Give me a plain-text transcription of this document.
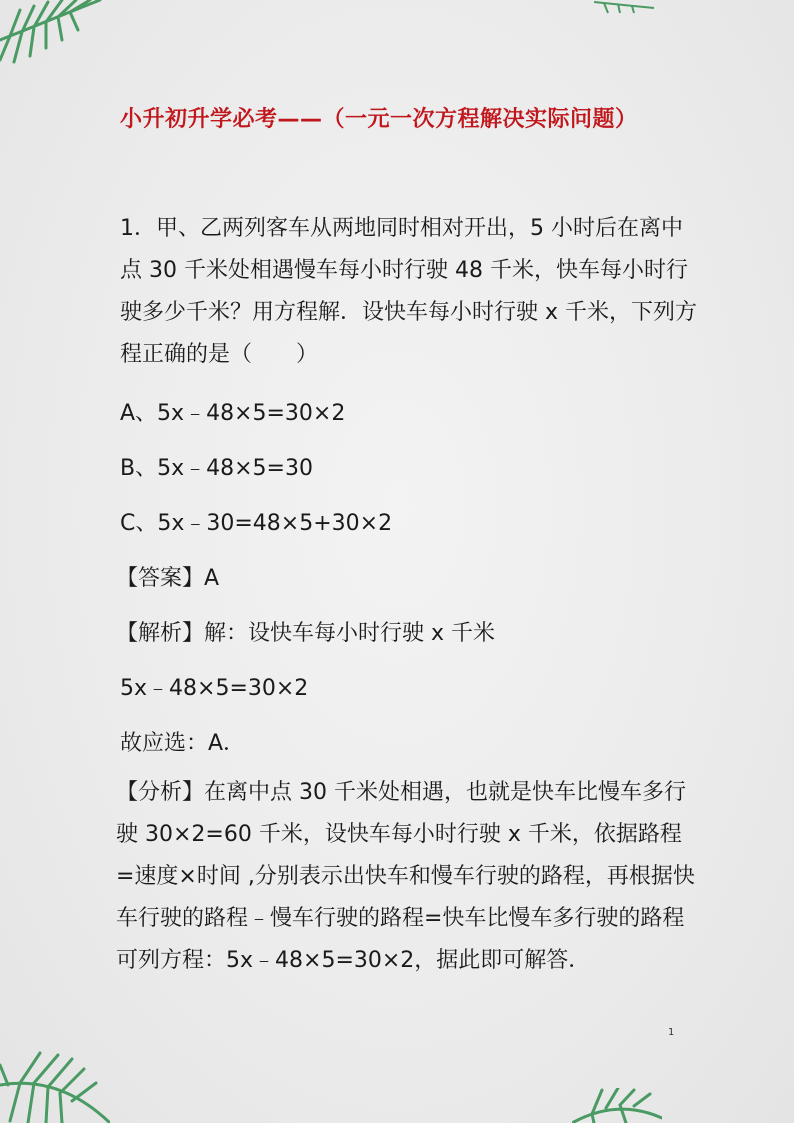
小升初升学必考——（一元一次方程解决实际问题）
1．甲、乙两列客车从两地同时相对开出，5 小时后在离中点 30 千米处相遇慢车每小时行驶 48 千米，快车每小时行驶多少千米？用方程解．设快车每小时行驶 x 千米，下列方程正确的是（　　）
A、5x﹣48×5=30×2
B、5x﹣48×5=30
C、5x﹣30=48×5+30×2
【答案】A
【解析】解：设快车每小时行驶 x 千米
5x﹣48×5=30×2
故应选：A．
【分析】在离中点 30 千米处相遇，也就是快车比慢车多行驶 30×2=60 千米，设快车每小时行驶 x 千米，依据路程=速度×时间 ,分别表示出快车和慢车行驶的路程，再根据快车行驶的路程﹣慢车行驶的路程=快车比慢车多行驶的路程可列方程：5x﹣48×5=30×2，据此即可解答．
1
